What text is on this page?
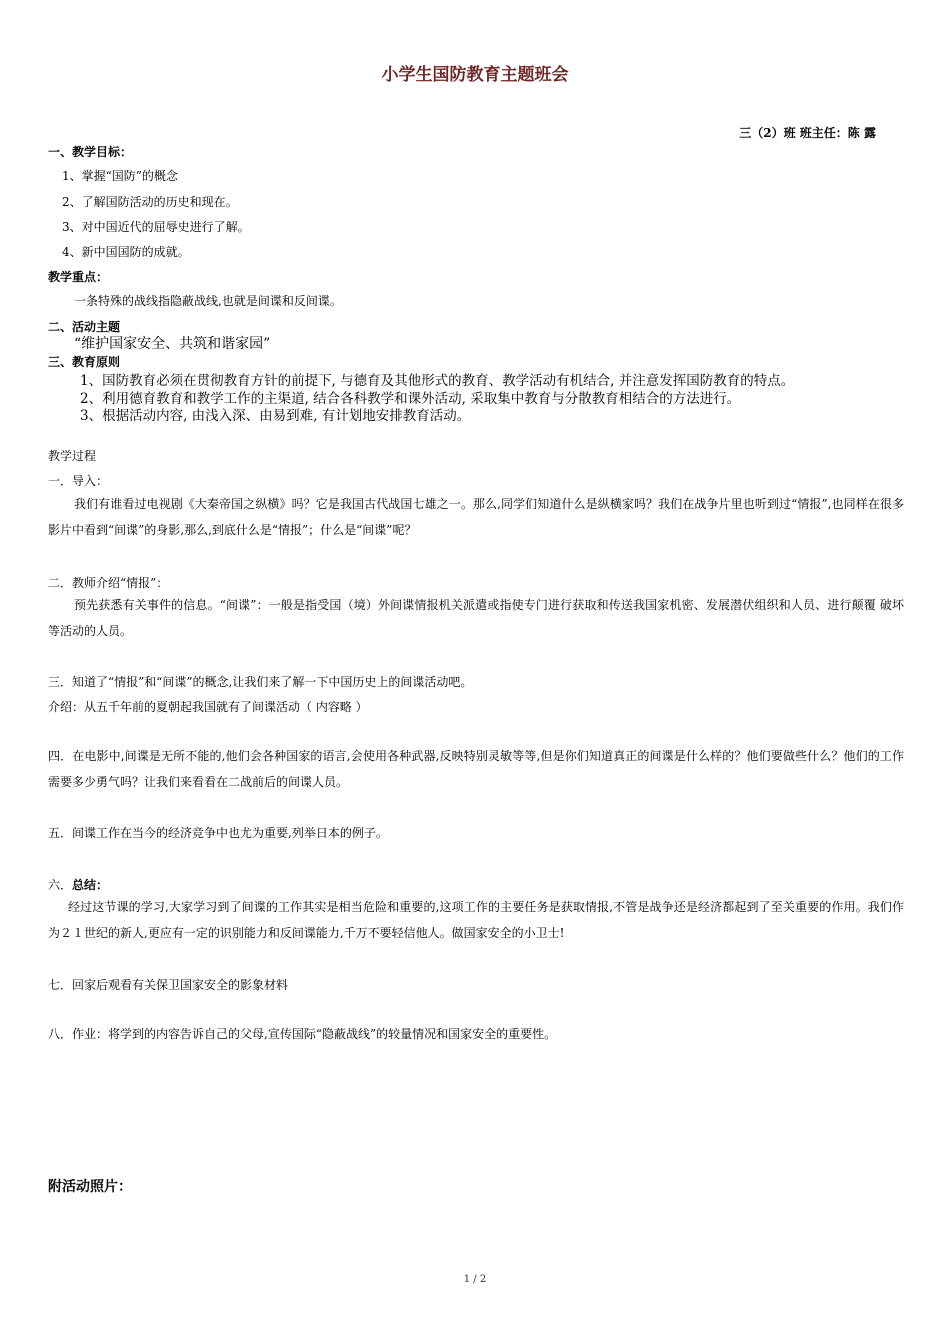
小学生国防教育主题班会
三（2）班 班主任：陈 露
一、教学目标：
1、掌握“国防”的概念
2、了解国防活动的历史和现在。
3、对中国近代的屈辱史进行了解。
4、新中国国防的成就。
教学重点：
一条特殊的战线指隐蔽战线,也就是间谍和反间谍。
二、活动主题
“维护国家安全、共筑和谐家园”
三、教育原则
1、国防教育必须在贯彻教育方针的前提下, 与德育及其他形式的教育、教学活动有机结合, 并注意发挥国防教育的特点。
2、利用德育教育和教学工作的主渠道, 结合各科教学和课外活动, 采取集中教育与分散教育相结合的方法进行。
3、根据活动内容, 由浅入深、由易到难, 有计划地安排教育活动。
教学过程
一．导入：
我们有谁看过电视剧《大秦帝国之纵横》吗？它是我国古代战国七雄之一。那么,同学们知道什么是纵横家吗？我们在战争片里也听到过“情报”,也同样在很多影片中看到“间谍”的身影,那么,到底什么是“情报”；什么是“间谍”呢？
二．教师介绍“情报”：
预先获悉有关事件的信息。“间谍”：一般是指受国（境）外间谍情报机关派遣或指使专门进行获取和传送我国家机密、发展潜伏组织和人员、进行颠覆 破坏等活动的人员。
三．知道了“情报”和“间谍”的概念,让我们来了解一下中国历史上的间谍活动吧。
介绍：从五千年前的夏朝起我国就有了间谍活动（ 内容略 ）
四．在电影中,间谍是无所不能的,他们会各种国家的语言,会使用各种武器,反映特别灵敏等等,但是你们知道真正的间谍是什么样的？他们要做些什么？他们的工作需要多少勇气吗？让我们来看看在二战前后的间谍人员。
五．间谍工作在当今的经济竞争中也尤为重要,列举日本的例子。
六．总结：
经过这节课的学习,大家学习到了间谍的工作其实是相当危险和重要的,这项工作的主要任务是获取情报,不管是战争还是经济都起到了至关重要的作用。我们作为２１世纪的新人,更应有一定的识别能力和反间谍能力,千万不要轻信他人。做国家安全的小卫士!
七．回家后观看有关保卫国家安全的影象材料
八．作业：将学到的内容告诉自己的父母,宣传国际“隐蔽战线”的较量情况和国家安全的重要性。
附活动照片：
1 / 2
